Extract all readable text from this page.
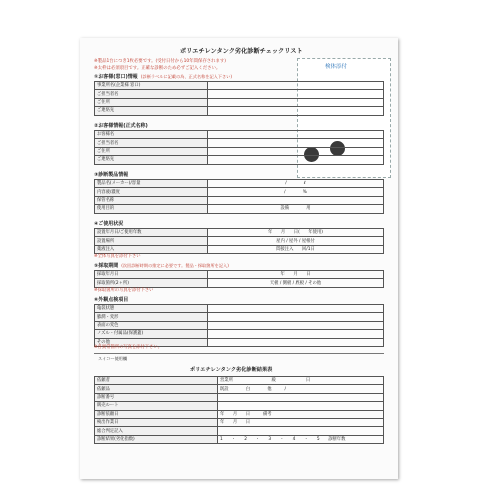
ポリエチレンタンク劣化診断チェックリスト
※製品1台につき1枚必要です。(受付日付から10年間保存されます)
※太枠は必須項目です。正確な診断のため必ずご記入ください。	検体添付
①お客様(窓口)情報 (診断ラベルに記載の為、正式名称を記入下さい)
事業所名(企業様 窓口)	
ご担当者名	
ご住所	
ご連絡先	
②お客様情報(正式名称)
お客様名	
ご担当者名	
ご住所	
ご連絡先	
③診断製品情報
製品名(メーカー)/容量	/　　　　ℓ
内容液/濃度	/　　　　%
保管名称	
使用目的	設備　　　　用
④ご使用状況
設置年月日/ご使用年数	年　　月　　日(　　年使用)
設置場所	屋内 / 屋外 / 屋根付
薬液注入	間接注入　　回/1日
※全体写真を添付下さい
⑤採取期間 (次回診断時期の推定に必要です。製品・採取箇所を記入)
採取年月日	年　　月　　日
採取箇所(2ヶ所)	天板 / 側板 / 底板 / その他
※採取箇所の写真を添付下さい
⑥外観点検項目
亀裂状態	
膨潤・変形	
表面の変色	
ノズル・付属品(保護蓋)	
その他	
※各異常箇所の写真を添付下さい。
スイコー使用欄
ポリエチレンタンク劣化診断結果表
依頼者	営業所　　　　　　　　　殿　　　　　　　日
依頼品	既設　　　　白　　　　他　　　/
診断番号	
販売ルート	
診断依頼日	年　　月　　日　　　備考
検出作業日	年　　月　　日
総合判定記入	
診断結果(劣化指数)	1　　・　　2　　・　　3　　・　　4　　・　　5　　診断年数
